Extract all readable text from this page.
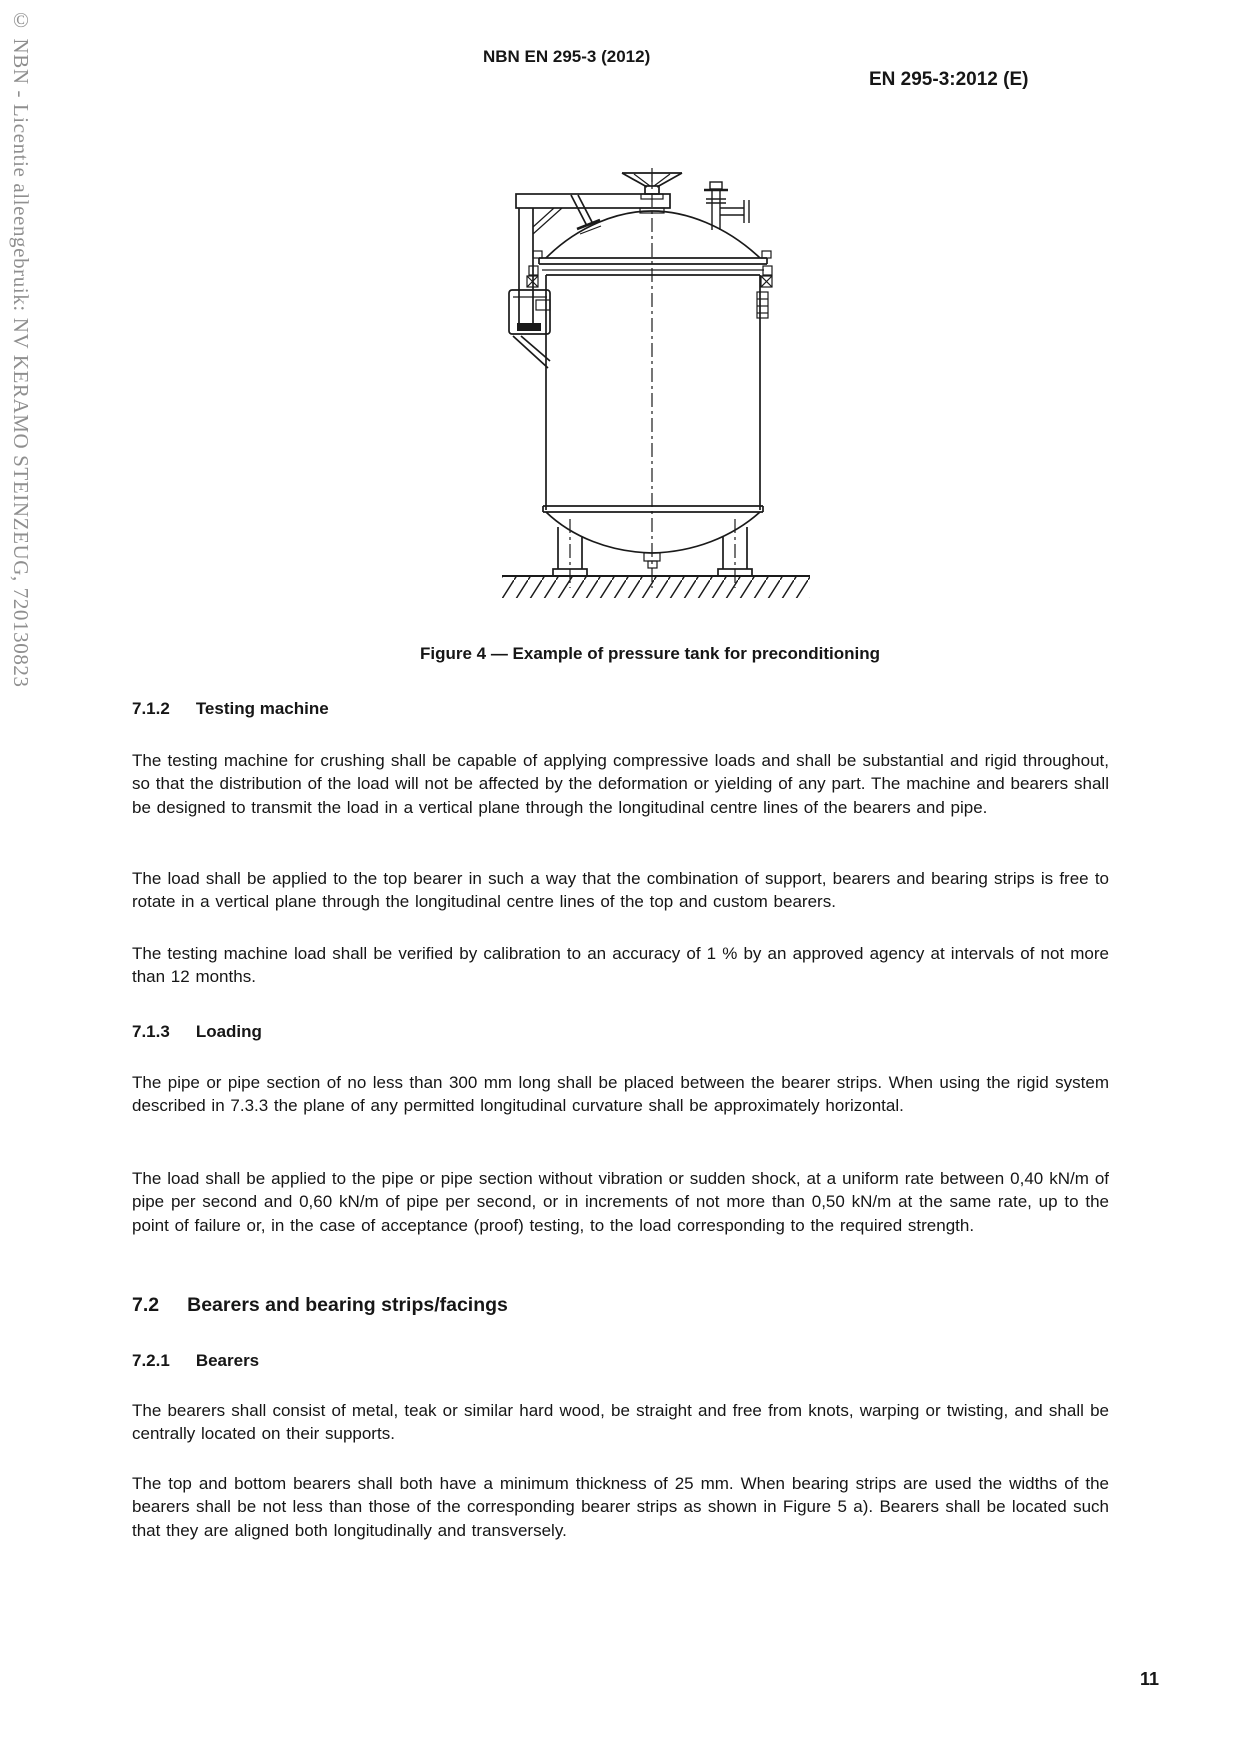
© NBN - Licentie alleengebruik: NV KERAMO STEINZEUG, 720130823	NBN EN 295-3 (2012)
EN 295-3:2012 (E)
Figure 4 — Example of pressure tank for preconditioning
7.1.2 Testing machine

The testing machine for crushing shall be capable of applying compressive loads and shall be substantial and rigid throughout, so that the distribution of the load will not be affected by the deformation or yielding of any part. The machine and bearers shall be designed to transmit the load in a vertical plane through the longitudinal centre lines of the bearers and pipe.

The load shall be applied to the top bearer in such a way that the combination of support, bearers and bearing strips is free to rotate in a vertical plane through the longitudinal centre lines of the top and custom bearers.

The testing machine load shall be verified by calibration to an accuracy of 1 % by an approved agency at intervals of not more than 12 months.

7.1.3 Loading

The pipe or pipe section of no less than 300 mm long shall be placed between the bearer strips. When using the rigid system described in 7.3.3 the plane of any permitted longitudinal curvature shall be approximately horizontal.

The load shall be applied to the pipe or pipe section without vibration or sudden shock, at a uniform rate between 0,40 kN/m of pipe per second and 0,60 kN/m of pipe per second, or in increments of not more than 0,50 kN/m at the same rate, up to the point of failure or, in the case of acceptance (proof) testing, to the load corresponding to the required strength.

7.2 Bearers and bearing strips/facings
7.2.1 Bearers

The bearers shall consist of metal, teak or similar hard wood, be straight and free from knots, warping or twisting, and shall be centrally located on their supports.

The top and bottom bearers shall both have a minimum thickness of 25 mm. When bearing strips are used the widths of the bearers shall be not less than those of the corresponding bearer strips as shown in Figure 5 a). Bearers shall be located such that they are aligned both longitudinally and transversely.

11
